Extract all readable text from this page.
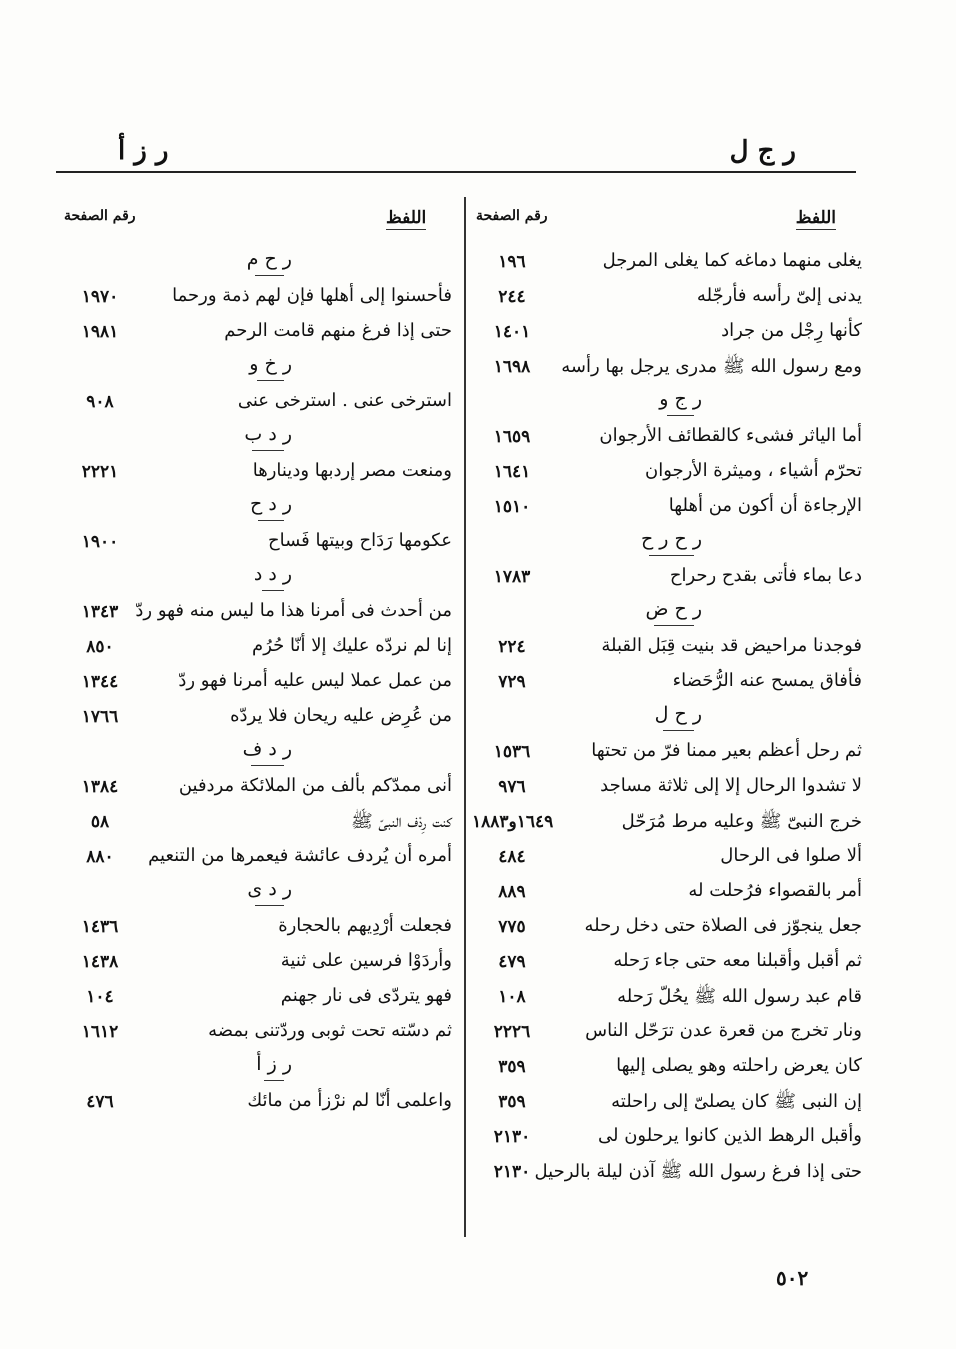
ر ج ل
ر ز أ
اللفظ
رقم الصفحة
اللفظ
رقم الصفحة
يغلى منهما دماغه كما يغلى المرجل
١٩٦
يدنى إلىّ رأسه فأرجّله
٢٤٤
كأنها رِجْل من جراد
١٤٠١
ومع رسول الله ﷺ مدرى يرجل بها رأسه
١٦٩٨
ر ج و
أما الياثر فشىء كالقطائف الأرجوان
١٦٥٩
تحرّم أشياء ، وميثرة الأرجوان
١٦٤١
الإرجاءة أن أكون من أهلها
١٥١٠
ر ح ر ح
دعا بماء فأتى بقدح رحراح
١٧٨٣
ر ح ض
فوجدنا مراحيض قد بنيت قِبَل القبلة
٢٢٤
فأفاق يمسح عنه الرُّحَضاء
٧٢٩
ر ح ل
ثم رحل أعظم بعير ممنا فرّ من تحتها
١٥٣٦
لا تشدوا الرحال إلا إلى ثلاثة مساجد
٩٧٦
خرج النبىّ ﷺ وعليه مرط مُرَحّل
١٦٤٩و١٨٨٣
ألا صلوا فى الرحال
٤٨٤
أمر بالقصواء فرُحلت له
٨٨٩
جعل ينجوّز فى الصلاة حتى دخل رحله
٧٧٥
ثم أقبل وأقبلنا معه حتى جاء رَحله
٤٧٩
قام عبد رسول الله ﷺ يحُلّ رَحله
١٠٨
ونار تخرج من قعرة عدن ترَحّل الناس
٢٢٢٦
كان يعرض راحلته وهو يصلى إليها
٣٥٩
إن النبى ﷺ كان يصلىّ إلى راحلته
٣٥٩
وأقبل الرهط الذين كانوا يرحلون لى
٢١٣٠
حتى إذا فرغ رسول الله ﷺ آذن ليلة بالرحيل
٢١٣٠
ر ح م
فأحسنوا إلى أهلها فإن لهم ذمة ورحما
١٩٧٠
حتى إذا فرغ منهم قامت الرحم
١٩٨١
ر خ و
استرخى عنى . استرخى عنى
٩٠٨
ر د ب
ومنعت مصر إردبها ودينارها
٢٢٢١
ر د ح
عكومها رَدَاح وبيتها فَساح
١٩٠٠
ر د د
من أحدث فى أمرنا هذا ما ليس منه فهو ردّ
١٣٤٣
إنا لم نردّه عليك إلا أنّا حُرُم
٨٥٠
من عمل عملا ليس عليه أمرنا فهو ردّ
١٣٤٤
من عُرِض عليه ريحان فلا يردّه
١٧٦٦
ر د ف
أنى ممدّكم بألف من الملائكة مردفين
١٣٨٤
كنت رِدْف النبىّ ﷺ
٥٨
أمره أن يُردف عائشة فيعمرها من التنعيم
٨٨٠
ر د ى
فجعلت أرْدِيهم بالحجارة
١٤٣٦
وأردَوْا فرسين على ثنية
١٤٣٨
فهو يتردّى فى نار جهنم
١٠٤
ثم دسّته تحت ثوبى وردّتنى بمضه
١٦١٢
ر ز أ
واعلمى أنّا لم نرْزأ من مائك
٤٧٦
٥٠٢
